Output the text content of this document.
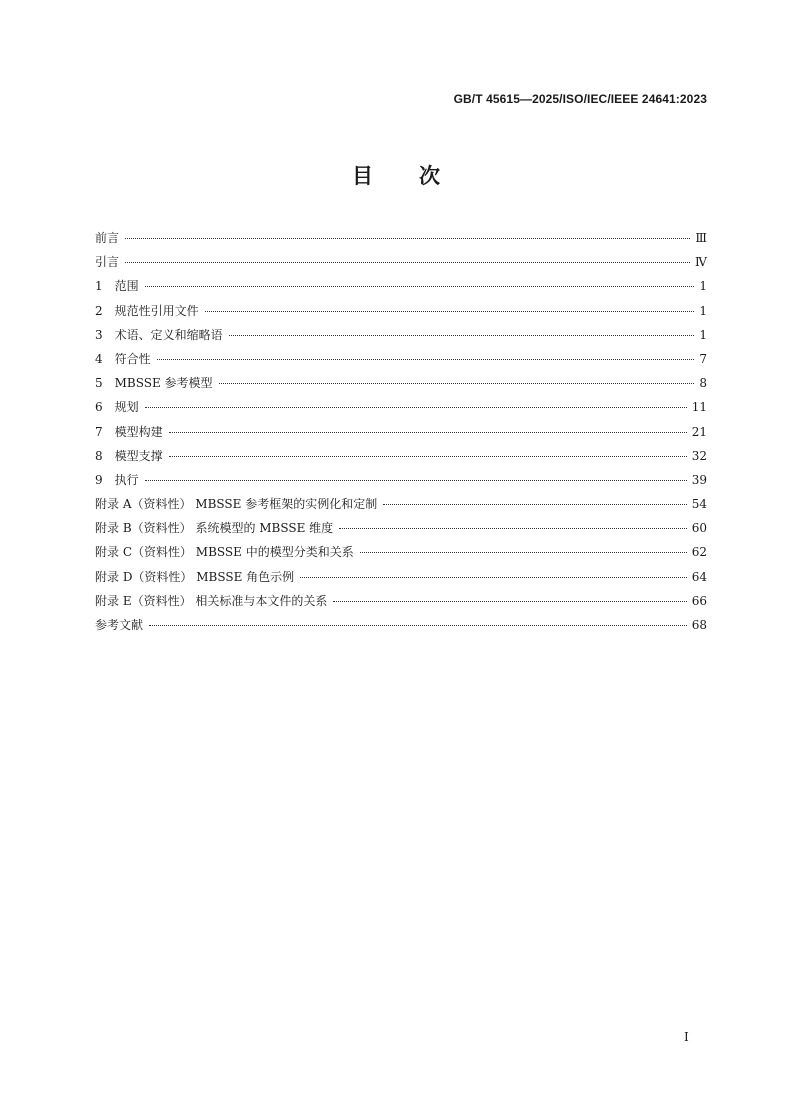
GB/T 45615—2025/ISO/IEC/IEEE 24641:2023
目 次
前言	Ⅲ
引言	Ⅳ
1 范围	1
2 规范性引用文件	1
3 术语、定义和缩略语	1
4 符合性	7
5 MBSSE 参考模型	8
6 规划	11
7 模型构建	21
8 模型支撑	32
9 执行	39
附录 A（资料性） MBSSE 参考框架的实例化和定制	54
附录 B（资料性） 系统模型的 MBSSE 维度	60
附录 C（资料性） MBSSE 中的模型分类和关系	62
附录 D（资料性） MBSSE 角色示例	64
附录 E（资料性） 相关标准与本文件的关系	66
参考文献	68
I
